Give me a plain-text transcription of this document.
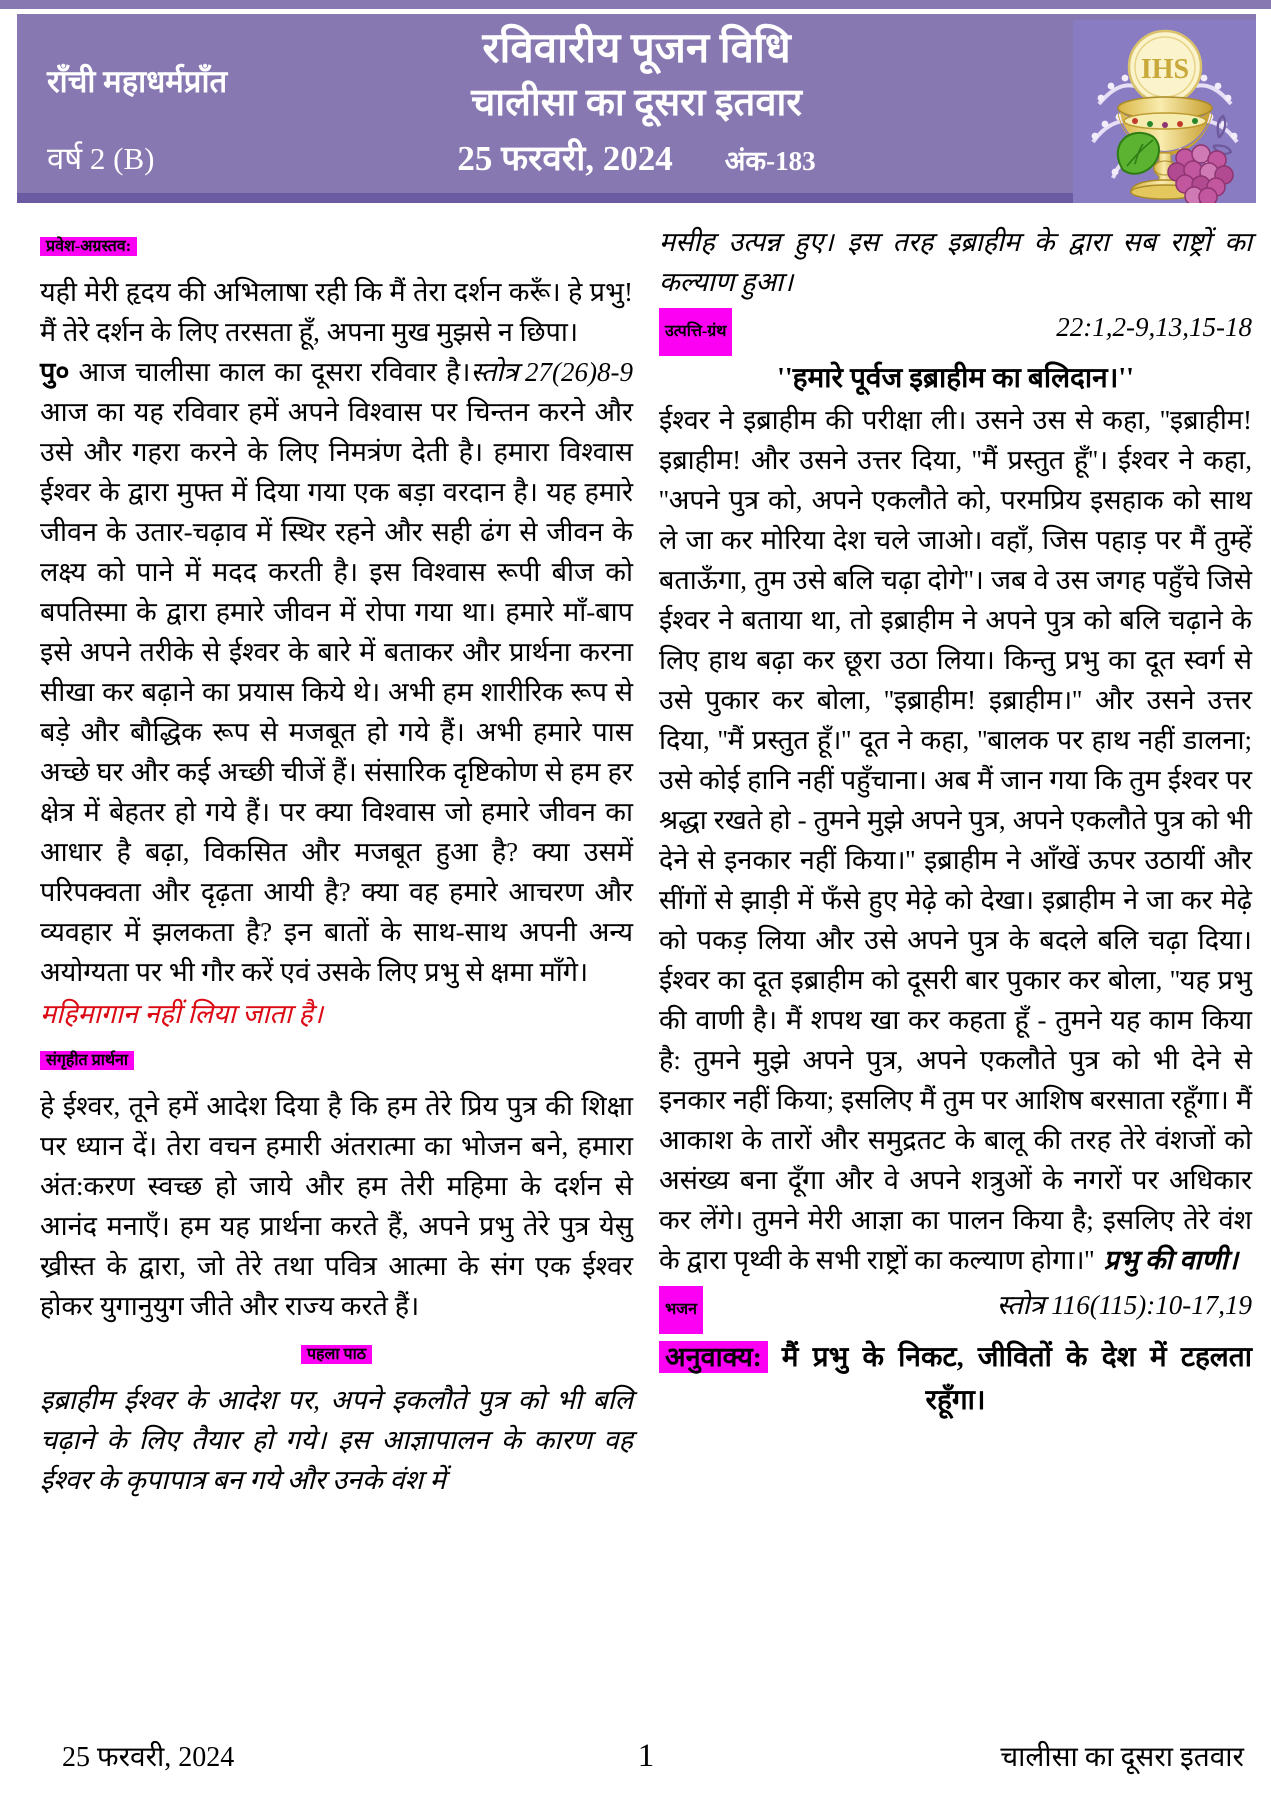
राँची महाधर्मप्राँत
वर्ष 2 (B)
रविवारीय पूजन विधि
चालीसा का दूसरा इतवार
25 फरवरी, 2024 अंक-183
IHS
प्रवेश-अग्रस्तव:

यही मेरी हृदय की अभिलाषा रही कि मैं तेरा दर्शन करूँ। हे प्रभु! मैं तेरे दर्शन के लिए तरसता हूँ, अपना मुख मुझसे न छिपा।
स्तोत्र 27(26)8-9

पु० आज चालीसा काल का दूसरा रविवार है। आज का यह रविवार हमें अपने विश्वास पर चिन्तन करने और उसे और गहरा करने के लिए निमत्रंण देती है। हमारा विश्वास ईश्वर के द्वारा मुफ्त में दिया गया एक बड़ा वरदान है। यह हमारे जीवन के उतार-चढ़ाव में स्थिर रहने और सही ढंग से जीवन के लक्ष्य को पाने में मदद करती है। इस विश्वास रूपी बीज को बपतिस्मा के द्वारा हमारे जीवन में रोपा गया था। हमारे माँ-बाप इसे अपने तरीके से ईश्वर के बारे में बताकर और प्रार्थना करना सीखा कर बढ़ाने का प्रयास किये थे। अभी हम शारीरिक रूप से बड़े और बौद्धिक रूप से मजबूत हो गये हैं। अभी हमारे पास अच्छे घर और कई अच्छी चीजें हैं। संसारिक दृष्टिकोण से हम हर क्षेत्र में बेहतर हो गये हैं। पर क्या विश्वास जो हमारे जीवन का आधार है बढ़ा, विकसित और मजबूत हुआ है? क्या उसमें परिपक्वता और दृढ़ता आयी है? क्या वह हमारे आचरण और व्यवहार में झलकता है? इन बातों के साथ-साथ अपनी अन्य अयोग्यता पर भी गौर करें एवं उसके लिए प्रभु से क्षमा माँगे।

महिमागान नहीं लिया जाता है।

संगृहीत प्रार्थना

हे ईश्वर, तूने हमें आदेश दिया है कि हम तेरे प्रिय पुत्र की शिक्षा पर ध्यान दें। तेरा वचन हमारी अंतरात्मा का भोजन बने, हमारा अंत:करण स्वच्छ हो जाये और हम तेरी महिमा के दर्शन से आनंद मनाएँ। हम यह प्रार्थना करते हैं, अपने प्रभु तेरे पुत्र येसु ख्रीस्त के द्वारा, जो तेरे तथा पवित्र आत्मा के संग एक ईश्वर होकर युगानुयुग जीते और राज्य करते हैं।

पहला पाठ

इब्राहीम ईश्वर के आदेश पर, अपने इकलौते पुत्र को भी बलि चढ़ाने के लिए तैयार हो गये। इस आज्ञापालन के कारण वह ईश्वर के कृपापात्र बन गये और उनके वंश में

मसीह उत्पन्न हुए। इस तरह इब्राहीम के द्वारा सब राष्ट्रों का कल्याण हुआ।

उत्पत्ति-ग्रंथ	22:1,2-9,13,15-18

''हमारे पूर्वज इब्राहीम का बलिदान।''

ईश्वर ने इब्राहीम की परीक्षा ली। उसने उस से कहा, ''इब्राहीम! इब्राहीम! और उसने उत्तर दिया, ''मैं प्रस्तुत हूँ''। ईश्वर ने कहा, ''अपने पुत्र को, अपने एकलौते को, परमप्रिय इसहाक को साथ ले जा कर मोरिया देश चले जाओ। वहाँ, जिस पहाड़ पर मैं तुम्हें बताऊँगा, तुम उसे बलि चढ़ा दोगे''। जब वे उस जगह पहुँचे जिसे ईश्वर ने बताया था, तो इब्राहीम ने अपने पुत्र को बलि चढ़ाने के लिए हाथ बढ़ा कर छूरा उठा लिया। किन्तु प्रभु का दूत स्वर्ग से उसे पुकार कर बोला, ''इब्राहीम! इब्राहीम।'' और उसने उत्तर दिया, ''मैं प्रस्तुत हूँ।'' दूत ने कहा, ''बालक पर हाथ नहीं डालना; उसे कोई हानि नहीं पहुँचाना। अब मैं जान गया कि तुम ईश्वर पर श्रद्धा रखते हो - तुमने मुझे अपने पुत्र, अपने एकलौते पुत्र को भी देने से इनकार नहीं किया।'' इब्राहीम ने आँखें ऊपर उठायीं और सींगों से झाड़ी में फँसे हुए मेढ़े को देखा। इब्राहीम ने जा कर मेढ़े को पकड़ लिया और उसे अपने पुत्र के बदले बलि चढ़ा दिया। ईश्वर का दूत इब्राहीम को दूसरी बार पुकार कर बोला, ''यह प्रभु की वाणी है। मैं शपथ खा कर कहता हूँ - तुमने यह काम किया है: तुमने मुझे अपने पुत्र, अपने एकलौते पुत्र को भी देने से इनकार नहीं किया; इसलिए मैं तुम पर आशिष बरसाता रहूँगा। मैं आकाश के तारों और समुद्रतट के बालू की तरह तेरे वंशजों को असंख्य बना दूँगा और वे अपने शत्रुओं के नगरों पर अधिकार कर लेंगे। तुमने मेरी आज्ञा का पालन किया है; इसलिए तेरे वंश के द्वारा पृथ्वी के सभी राष्ट्रों का कल्याण होगा।'' प्रभु की वाणी।

भजन	स्तोत्र 116(115):10-17,19

अनुवाक्य: मैं प्रभु के निकट, जीवितों के देश में टहलता रहूँगा।

25 फरवरी, 2024	1	चालीसा का दूसरा इतवार
